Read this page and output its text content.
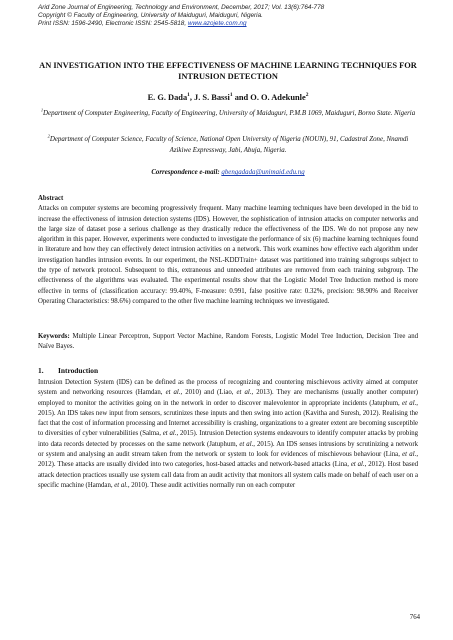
Arid Zone Journal of Engineering, Technology and Environment, December, 2017; Vol. 13(6):764-778
Copyright © Faculty of Engineering, University of Maiduguri, Maiduguri, Nigeria.
Print ISSN: 1596-2490, Electronic ISSN: 2545-5818, www.azojete.com.ng
AN INVESTIGATION INTO THE EFFECTIVENESS OF MACHINE LEARNING TECHNIQUES FOR INTRUSION DETECTION
E. G. Dada$^1$, J. S. Bassi$^1$ and O. O. Adekunle$^2$
$^1$Department of Computer Engineering, Faculty of Engineering, University of Maiduguri, P.M.B 1069, Maiduguri, Borno State. Nigeria
$^2$Department of Computer Science, Faculty of Science, National Open University of Nigeria (NOUN), 91, Cadastral Zone, Nnamdi Azikiwe Expressway, Jabi, Abuja, Nigeria.
Correspondence e-mail: gbengadada@unimaid.edu.ng
Abstract
Attacks on computer systems are becoming progressively frequent. Many machine learning techniques have been developed in the bid to increase the effectiveness of intrusion detection systems (IDS). However, the sophistication of intrusion attacks on computer networks and the large size of dataset pose a serious challenge as they drastically reduce the effectiveness of the IDS. We do not propose any new algorithm in this paper. However, experiments were conducted to investigate the performance of six (6) machine learning techniques found in literature and how they can effectively detect intrusion activities on a network. This work examines how effective each algorithm under investigation handles intrusion events. In our experiment, the NSL-KDDTrain+ dataset was partitioned into training subgroups subject to the type of network protocol. Subsequent to this, extraneous and unneeded attributes are removed from each training subgroup. The effectiveness of the algorithms was evaluated. The experimental results show that the Logistic Model Tree Induction method is more effective in terms of (classification accuracy: 99.40%, F-measure: 0.991, false positive rate: 0.32%, precision: 98.90% and Receiver Operating Characteristics: 98.6%) compared to the other five machine learning techniques we investigated.
Keywords: Multiple Linear Perceptron, Support Vector Machine, Random Forests, Logistic Model Tree Induction, Decision Tree and Naïve Bayes.
1. Introduction
Intrusion Detection System (IDS) can be defined as the process of recognizing and countering mischievous activity aimed at computer system and networking resources (Hamdan, et al., 2010) and (Liao, et al., 2013). They are mechanisms (usually another computer) employed to monitor the activities going on in the network in order to discover malevolentor in appropriate incidents (Jatuphum, et al., 2015). An IDS takes new input from sensors, scrutinizes these inputs and then swing into action (Kavitha and Suresh, 2012). Realising the fact that the cost of information processing and Internet accessibility is crashing, organizations to a greater extent are becoming susceptible to diversities of cyber vulnerabilities (Salma, et al., 2015). Intrusion Detection systems endeavours to identify computer attacks by probing into data records detected by processes on the same network (Jatuphum, et al., 2015). An IDS senses intrusions by scrutinizing a network or system and analysing an audit stream taken from the network or system to look for evidences of mischievous behaviour (Lina, et al., 2012). These attacks are usually divided into two categories, host-based attacks and network-based attacks (Lina, et al., 2012). Host based attack detection practices usually use system call data from an audit activity that monitors all system calls made on behalf of each user on a specific machine (Hamdan, et al., 2010). These audit activities normally run on each computer
764
